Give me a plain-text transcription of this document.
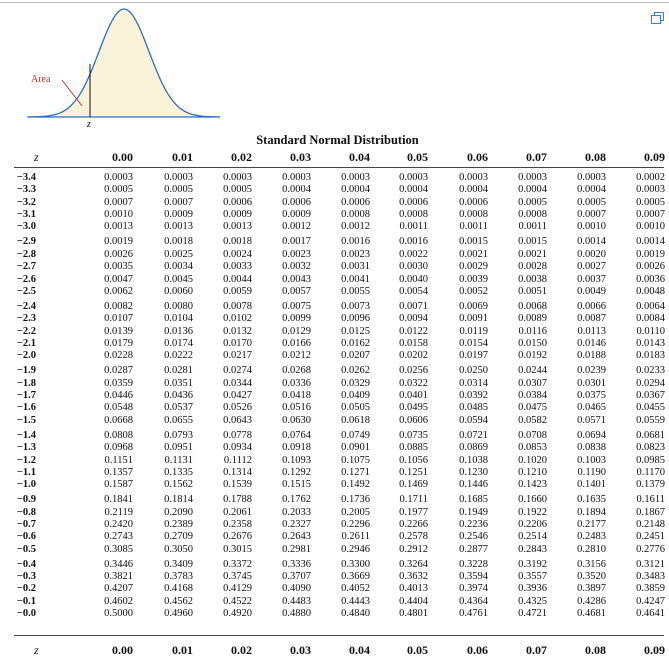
Area
z
Standard Normal Distribution
z	0.00	0.01	0.02	0.03	0.04	0.05	0.06	0.07	0.08	0.09
−3.4	0.0003	0.0003	0.0003	0.0003	0.0003	0.0003	0.0003	0.0003	0.0003	0.0002
−3.3	0.0005	0.0005	0.0005	0.0004	0.0004	0.0004	0.0004	0.0004	0.0004	0.0003
−3.2	0.0007	0.0007	0.0006	0.0006	0.0006	0.0006	0.0006	0.0005	0.0005	0.0005
−3.1	0.0010	0.0009	0.0009	0.0009	0.0008	0.0008	0.0008	0.0008	0.0007	0.0007
−3.0	0.0013	0.0013	0.0013	0.0012	0.0012	0.0011	0.0011	0.0011	0.0010	0.0010
−2.9	0.0019	0.0018	0.0018	0.0017	0.0016	0.0016	0.0015	0.0015	0.0014	0.0014
−2.8	0.0026	0.0025	0.0024	0.0023	0.0023	0.0022	0.0021	0.0021	0.0020	0.0019
−2.7	0.0035	0.0034	0.0033	0.0032	0.0031	0.0030	0.0029	0.0028	0.0027	0.0026
−2.6	0.0047	0.0045	0.0044	0.0043	0.0041	0.0040	0.0039	0.0038	0.0037	0.0036
−2.5	0.0062	0.0060	0.0059	0.0057	0.0055	0.0054	0.0052	0.0051	0.0049	0.0048
−2.4	0.0082	0.0080	0.0078	0.0075	0.0073	0.0071	0.0069	0.0068	0.0066	0.0064
−2.3	0.0107	0.0104	0.0102	0.0099	0.0096	0.0094	0.0091	0.0089	0.0087	0.0084
−2.2	0.0139	0.0136	0.0132	0.0129	0.0125	0.0122	0.0119	0.0116	0.0113	0.0110
−2.1	0.0179	0.0174	0.0170	0.0166	0.0162	0.0158	0.0154	0.0150	0.0146	0.0143
−2.0	0.0228	0.0222	0.0217	0.0212	0.0207	0.0202	0.0197	0.0192	0.0188	0.0183
−1.9	0.0287	0.0281	0.0274	0.0268	0.0262	0.0256	0.0250	0.0244	0.0239	0.0233
−1.8	0.0359	0.0351	0.0344	0.0336	0.0329	0.0322	0.0314	0.0307	0.0301	0.0294
−1.7	0.0446	0.0436	0.0427	0.0418	0.0409	0.0401	0.0392	0.0384	0.0375	0.0367
−1.6	0.0548	0.0537	0.0526	0.0516	0.0505	0.0495	0.0485	0.0475	0.0465	0.0455
−1.5	0.0668	0.0655	0.0643	0.0630	0.0618	0.0606	0.0594	0.0582	0.0571	0.0559
−1.4	0.0808	0.0793	0.0778	0.0764	0.0749	0.0735	0.0721	0.0708	0.0694	0.0681
−1.3	0.0968	0.0951	0.0934	0.0918	0.0901	0.0885	0.0869	0.0853	0.0838	0.0823
−1.2	0.1151	0.1131	0.1112	0.1093	0.1075	0.1056	0.1038	0.1020	0.1003	0.0985
−1.1	0.1357	0.1335	0.1314	0.1292	0.1271	0.1251	0.1230	0.1210	0.1190	0.1170
−1.0	0.1587	0.1562	0.1539	0.1515	0.1492	0.1469	0.1446	0.1423	0.1401	0.1379
−0.9	0.1841	0.1814	0.1788	0.1762	0.1736	0.1711	0.1685	0.1660	0.1635	0.1611
−0.8	0.2119	0.2090	0.2061	0.2033	0.2005	0.1977	0.1949	0.1922	0.1894	0.1867
−0.7	0.2420	0.2389	0.2358	0.2327	0.2296	0.2266	0.2236	0.2206	0.2177	0.2148
−0.6	0.2743	0.2709	0.2676	0.2643	0.2611	0.2578	0.2546	0.2514	0.2483	0.2451
−0.5	0.3085	0.3050	0.3015	0.2981	0.2946	0.2912	0.2877	0.2843	0.2810	0.2776
−0.4	0.3446	0.3409	0.3372	0.3336	0.3300	0.3264	0.3228	0.3192	0.3156	0.3121
−0.3	0.3821	0.3783	0.3745	0.3707	0.3669	0.3632	0.3594	0.3557	0.3520	0.3483
−0.2	0.4207	0.4168	0.4129	0.4090	0.4052	0.4013	0.3974	0.3936	0.3897	0.3859
−0.1	0.4602	0.4562	0.4522	0.4483	0.4443	0.4404	0.4364	0.4325	0.4286	0.4247
−0.0	0.5000	0.4960	0.4920	0.4880	0.4840	0.4801	0.4761	0.4721	0.4681	0.4641
z	0.00	0.01	0.02	0.03	0.04	0.05	0.06	0.07	0.08	0.09
